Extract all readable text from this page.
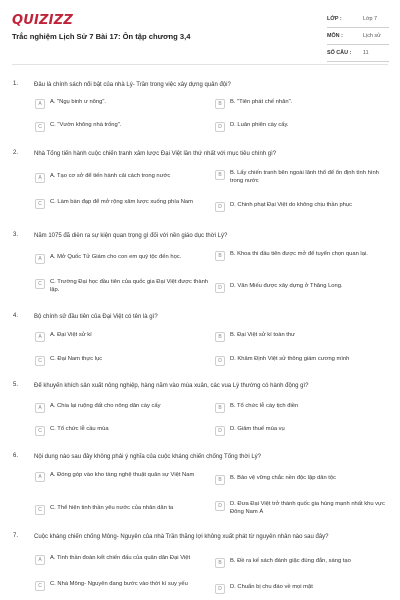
QUIZIZZ
Trắc nghiệm Lịch Sử 7 Bài 17: Ôn tập chương 3,4
LỚP :	Lớp 7
MÔN :	Lịch sử
SỐ CÂU : 11
1.	Đâu là chính sách nổi bật của nhà Lý- Trần trong việc xây dựng quân đội?
A	A. "Ngụ binh ư nông".	B	B. "Tiên phát chế nhân".
C	C. "Vườn không nhà trống".	D	D. Luân phiên cày cấy.
2.	Nhà Tống tiến hành cuộc chiến tranh xâm lược Đại Việt lần thứ nhất với mục tiêu chính gì?
A	A. Tạo cơ sở để tiến hành cải cách trong nước	B	B. Lấy chiến tranh bên ngoài lãnh thổ để ổn định tình hình trong nước
C	C. Làm bàn đạp để mở rộng xâm lược xuống phía Nam
D	D. Chinh phạt Đại Việt do không chịu thần phục
3.	Năm 1075 đã diễn ra sự kiện quan trọng gì đối với nền giáo dục thời Lý?
A	A. Mở Quốc Tử Giám cho con em quý tộc đến học.	B	B. Khoa thi đầu tiên được mở để tuyển chọn quan lại.
C	C. Trường Đại học đầu tiên của quốc gia Đại Việt được thành lập.	D	D. Văn Miếu được xây dựng ở Thăng Long.
4.	Bộ chính sử đầu tiên của Đại Việt có tên là gì?
A	A. Đại Việt sử kí	B	B. Đại Việt sử kí toàn thư
C	C. Đại Nam thực lục	D	D. Khâm Định Việt sử thông giám cương mình
5.	Để khuyến khích sản xuất nông nghiệp, hàng năm vào mùa xuân, các vua Lý thường có hành động gì?
A	A. Chia lại ruộng đất cho nông dân cày cấy	B	B. Tổ chức lễ cày tịch điền
C	C. Tổ chức lễ cầu mùa	D	D. Giảm thuế mùa vụ
6.	Nội dung nào sau đây không phải ý nghĩa của cuộc kháng chiến chống Tống thời Lý?
A	A. Đóng góp vào kho tàng nghệ thuật quân sự Việt Nam
B	B. Bảo vệ vững chắc nền độc lập dân tộc
C	C. Thể hiện tinh thần yêu nước của nhân dân ta	D	D. Đưa Đại Việt trở thành quốc gia hùng mạnh nhất khu vực Đông Nam Á
7.	Cuộc kháng chiến chống Mông- Nguyên của nhà Trần thắng lợi không xuất phát từ nguyên nhân nào sau đây?
A	A. Tinh thần đoàn kết chiến đấu của quân dân Đại Việt
B	B. Đề ra kế sách đánh giặc đúng đắn, sáng tạo
C	C. Nhà Mông- Nguyên đang bước vào thời kì suy yếu
D	D. Chuẩn bị chu đáo về mọi mặt
